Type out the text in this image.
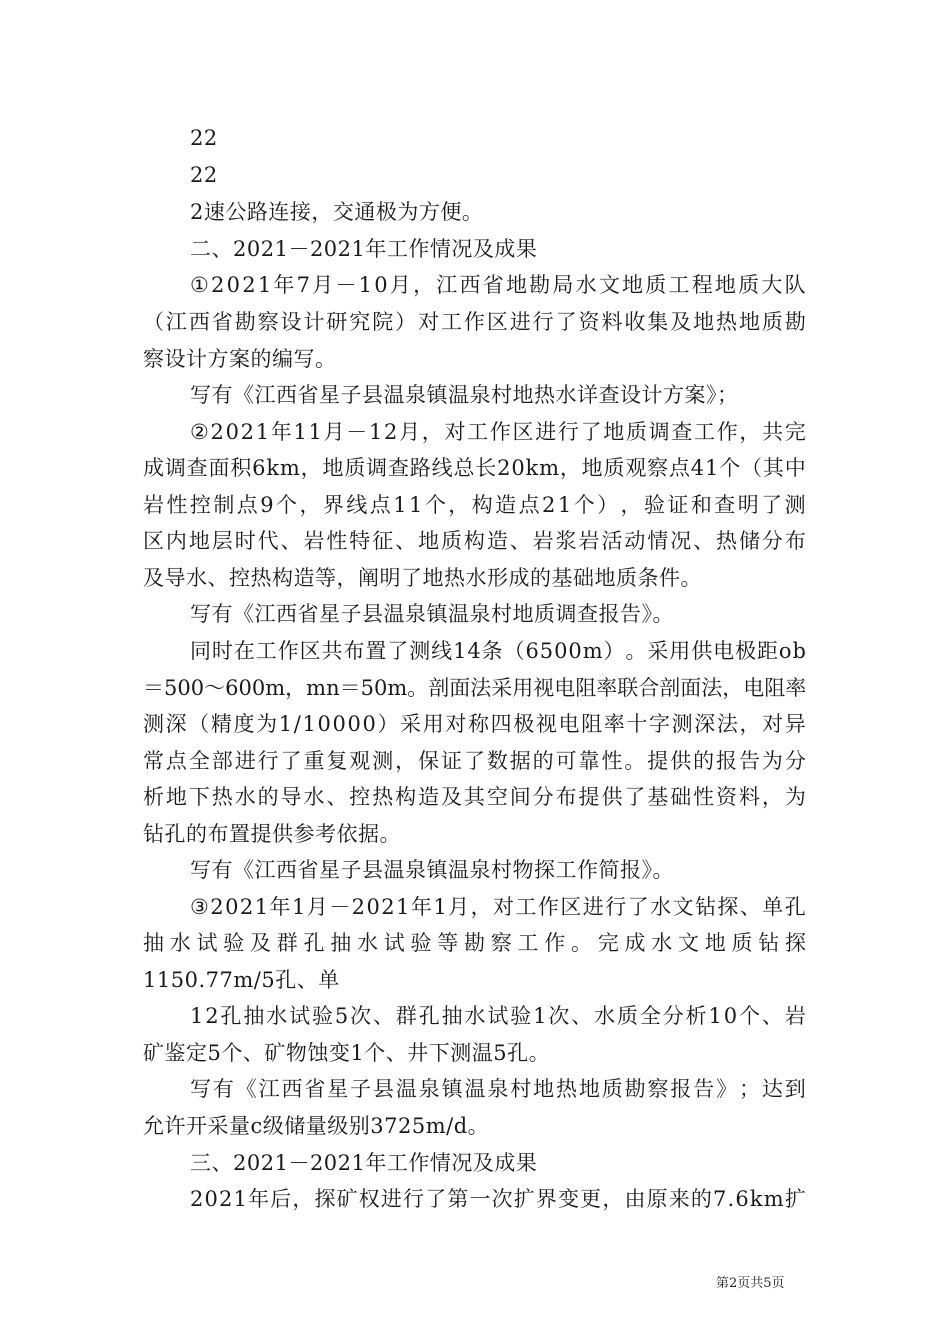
22
22
2速公路连接，交通极为方便。
二、2021－2021年工作情况及成果
① 2 0 2 1 年 7 月 － 1 0 月 ， 江 西 省 地 勘 局 水 文 地 质 工 程 地 质 大 队
（ 江 西 省 勘 察 设 计 研 究 院 ） 对 工 作 区 进 行 了 资 料 收 集 及 地 热 地 质 勘
察设计方案的编写。
写有《江西省星子县温泉镇温泉村地热水详查设计方案》；
② 2 0 2 1 年 1 1 月 － 1 2 月 ， 对 工 作 区 进 行 了 地 质 调 查 工 作 ， 共 完
成 调 查 面 积 6 k m ， 地 质 调 查 路 线 总 长 2 0 k m ， 地 质 观 察 点 4 1 个 （ 其 中
岩 性 控 制 点 9 个 ， 界 线 点 1 1 个 ， 构 造 点 2 1 个 ） ， 验 证 和 查 明 了 测
区 内 地 层 时 代 、 岩 性 特 征 、 地 质 构 造 、 岩 浆 岩 活 动 情 况 、 热 储 分 布
及导水、控热构造等，阐明了地热水形成的基础地质条件。
写有《江西省星子县温泉镇温泉村地质调查报告》。
同 时 在 工 作 区 共 布 置 了 测 线 1 4 条 （ 6 5 0 0 m ） 。 采 用 供 电 极 距 o b
＝ 5 0 0 ～ 6 0 0 m ， m n ＝ 5 0 m 。 剖 面 法 采 用 视 电 阻 率 联 合 剖 面 法 ， 电 阻 率
测 深 （ 精 度 为 1 / 1 0 0 0 0 ） 采 用 对 称 四 极 视 电 阻 率 十 字 测 深 法 ， 对 异
常 点 全 部 进 行 了 重 复 观 测 ， 保 证 了 数 据 的 可 靠 性 。 提 供 的 报 告 为 分
析 地 下 热 水 的 导 水 、 控 热 构 造 及 其 空 间 分 布 提 供 了 基 础 性 资 料 ， 为
钻孔的布置提供参考依据。
写有《江西省星子县温泉镇温泉村物探工作简报》。
③ 2 0 2 1 年 1 月 － 2 0 2 1 年 1 月 ， 对 工 作 区 进 行 了 水 文 钻 探 、 单 孔
抽 水 试 验 及 群 孔 抽 水 试 验 等 勘 察 工 作 。 完 成 水 文 地 质 钻 探
1150.77m/5孔、单
1 2 孔 抽 水 试 验 5 次 、 群 孔 抽 水 试 验 1 次 、 水 质 全 分 析 1 0 个 、 岩
矿鉴定5个、矿物蚀变1个、井下测温5孔。
写 有 《 江 西 省 星 子 县 温 泉 镇 温 泉 村 地 热 地 质 勘 察 报 告 》 ； 达 到
允许开采量c级储量级别3725m/d。
三、2021－2021年工作情况及成果
2 0 2 1 年 后 ， 探 矿 权 进 行 了 第 一 次 扩 界 变 更 ， 由 原 来 的 7 . 6 k m 扩
第2页共5页
